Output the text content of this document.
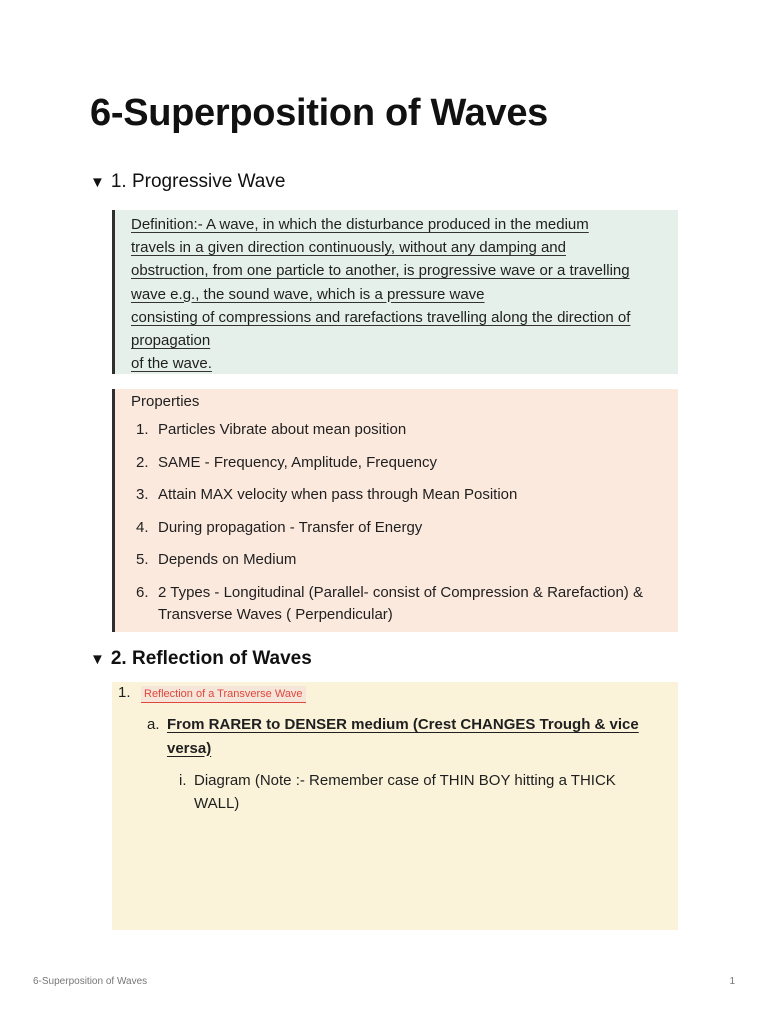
6-Superposition of Waves
▼ 1. Progressive Wave
Definition:- A wave, in which the disturbance produced in the medium
travels in a given direction continuously, without any damping and
obstruction, from one particle to another, is progressive wave or a travelling
wave e.g., the sound wave, which is a pressure wave
consisting of compressions and rarefactions travelling along the direction of
propagation
of the wave.
Properties
1. Particles Vibrate about mean position
2. SAME - Frequency, Amplitude, Frequency
3. Attain MAX velocity when pass through Mean Position
4. During propagation - Transfer of Energy
5. Depends on Medium
6. 2 Types - Longitudinal (Parallel- consist of Compression & Rarefaction) & Transverse Waves ( Perpendicular)
▼ 2. Reflection of Waves
1. Reflection of a Transverse Wave
a. From RARER to DENSER medium (Crest CHANGES Trough & vice versa)
i. Diagram (Note :- Remember case of THIN BOY hitting a THICK WALL)
6-Superposition of Waves	1
